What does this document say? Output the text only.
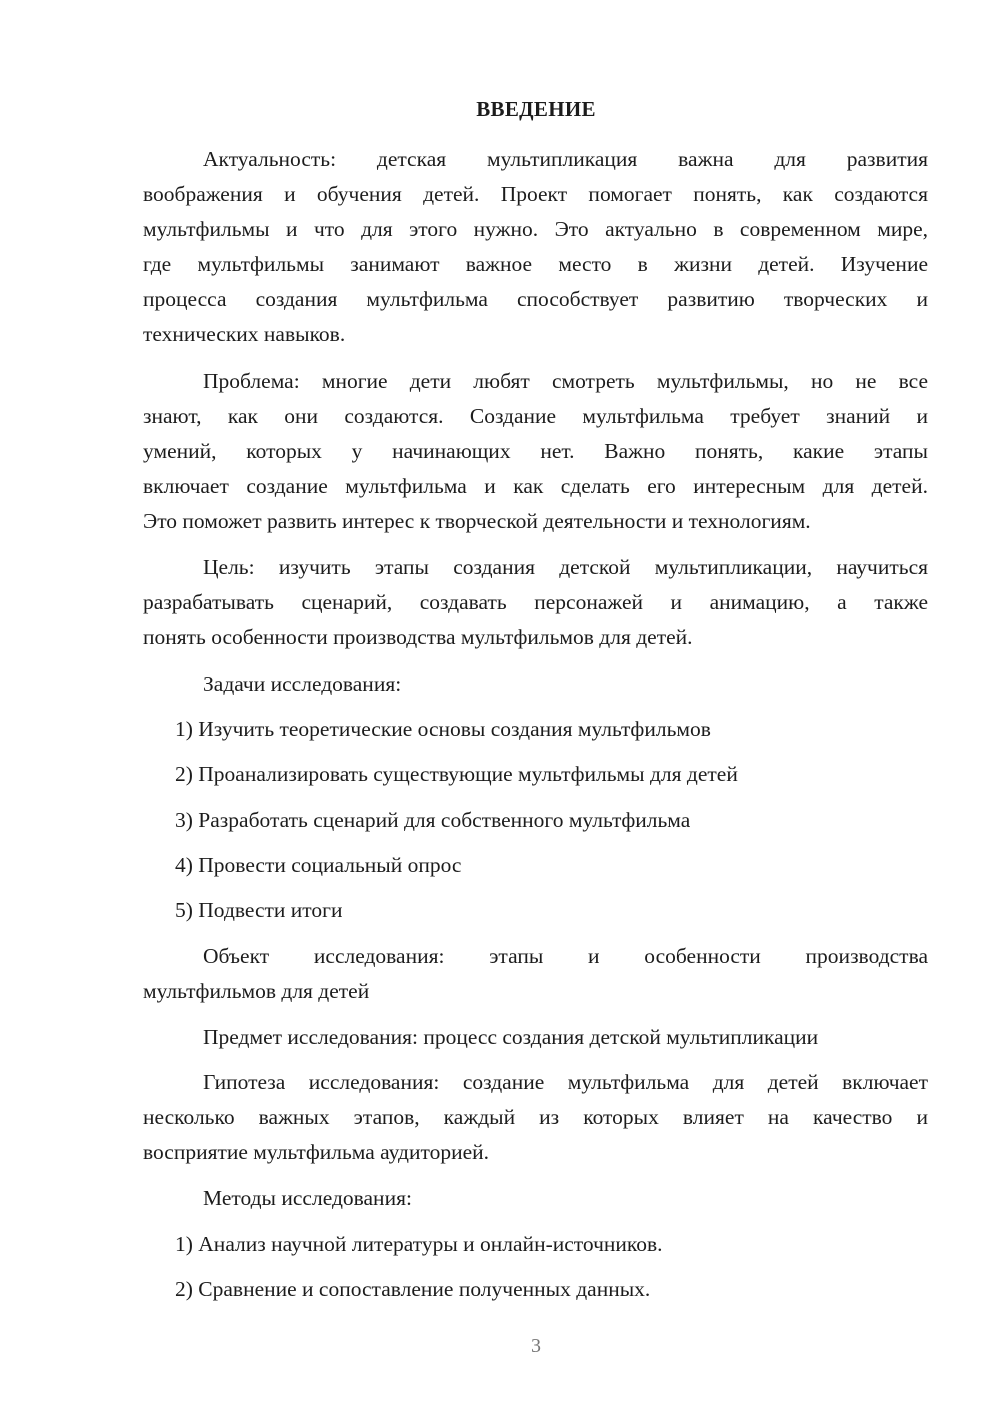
ВВЕДЕНИЕ
Актуальность: детская мультипликация важна для развития
воображения и обучения детей. Проект помогает понять, как создаются
мультфильмы и что для этого нужно. Это актуально в современном мире,
где мультфильмы занимают важное место в жизни детей. Изучение
процесса создания мультфильма способствует развитию творческих и
технических навыков.
Проблема: многие дети любят смотреть мультфильмы, но не все
знают, как они создаются. Создание мультфильма требует знаний и
умений, которых у начинающих нет. Важно понять, какие этапы
включает создание мультфильма и как сделать его интересным для детей.
Это поможет развить интерес к творческой деятельности и технологиям.
Цель: изучить этапы создания детской мультипликации, научиться
разрабатывать сценарий, создавать персонажей и анимацию, а также
понять особенности производства мультфильмов для детей.
Задачи исследования:
1) Изучить теоретические основы создания мультфильмов
2) Проанализировать существующие мультфильмы для детей
3) Разработать сценарий для собственного мультфильма
4) Провести социальный опрос
5) Подвести итоги
Объект исследования: этапы и особенности производства
мультфильмов для детей
Предмет исследования: процесс создания детской мультипликации
Гипотеза исследования: создание мультфильма для детей включает
несколько важных этапов, каждый из которых влияет на качество и
восприятие мультфильма аудиторией.
Методы исследования:
1) Анализ научной литературы и онлайн-источников.
2) Сравнение и сопоставление полученных данных.
3
